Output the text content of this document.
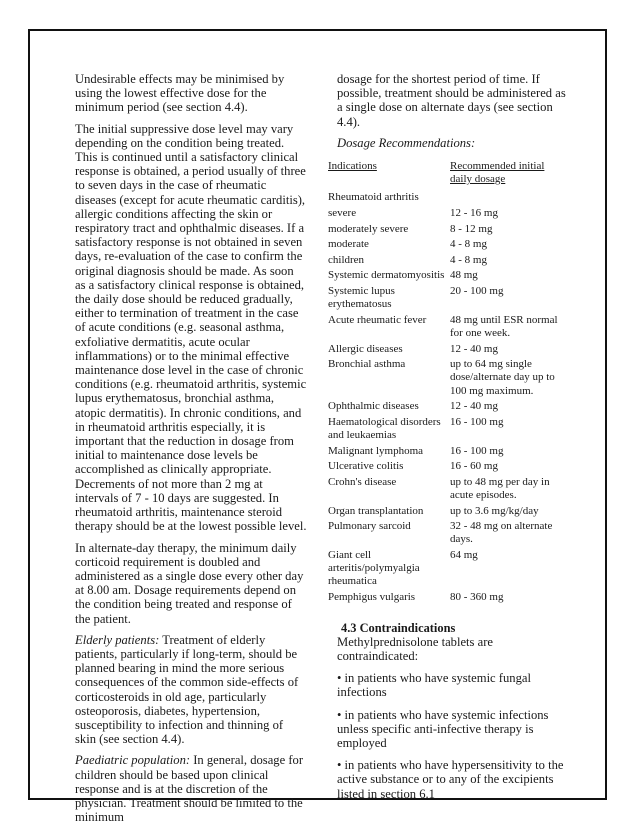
Undesirable effects may be minimised by using the lowest effective dose for the minimum period (see section 4.4).

The initial suppressive dose level may vary depending on the condition being treated. This is continued until a satisfactory clinical response is obtained, a period usually of three to seven days in the case of rheumatic diseases (except for acute rheumatic carditis), allergic conditions affecting the skin or respiratory tract and ophthalmic diseases. If a satisfactory response is not obtained in seven days, re-evaluation of the case to confirm the original diagnosis should be made. As soon as a satisfactory clinical response is obtained, the daily dose should be reduced gradually, either to termination of treatment in the case of acute conditions (e.g. seasonal asthma, exfoliative dermatitis, acute ocular inflammations) or to the minimal effective maintenance dose level in the case of chronic conditions (e.g. rheumatoid arthritis, systemic lupus erythematosus, bronchial asthma, atopic dermatitis). In chronic conditions, and in rheumatoid arthritis especially, it is important that the reduction in dosage from initial to maintenance dose levels be accomplished as clinically appropriate. Decrements of not more than 2 mg at intervals of 7 - 10 days are suggested. In rheumatoid arthritis, maintenance steroid therapy should be at the lowest possible level.

In alternate-day therapy, the minimum daily corticoid requirement is doubled and administered as a single dose every other day at 8.00 am. Dosage requirements depend on the condition being treated and response of the patient.

Elderly patients: Treatment of elderly patients, particularly if long-term, should be planned bearing in mind the more serious consequences of the common side-effects of corticosteroids in old age, particularly osteoporosis, diabetes, hypertension, susceptibility to infection and thinning of skin (see section 4.4).

Paediatric population: In general, dosage for children should be based upon clinical response and is at the discretion of the physician. Treatment should be limited to the minimum

dosage for the shortest period of time. If possible, treatment should be administered as a single dose on alternate days (see section 4.4).

Dosage Recommendations:

Indications	Recommended initial daily dosage
Rheumatoid arthritis	
severe	12 - 16 mg
moderately severe	8 - 12 mg
moderate	4 - 8 mg
children	4 - 8 mg
Systemic dermatomyositis	48 mg
Systemic lupus erythematosus	20 - 100 mg
Acute rheumatic fever	48 mg until ESR normal for one week.
Allergic diseases	12 - 40 mg
Bronchial asthma	up to 64 mg single dose/alternate day up to 100 mg maximum.
Ophthalmic diseases	12 - 40 mg
Haematological disorders and leukaemias	16 - 100 mg
Malignant lymphoma	16 - 100 mg
Ulcerative colitis	16 - 60 mg
Crohn's disease	up to 48 mg per day in acute episodes.
Organ transplantation	up to 3.6 mg/kg/day
Pulmonary sarcoid	32 - 48 mg on alternate days.
Giant cell arteritis/polymyalgia rheumatica	64 mg
Pemphigus vulgaris	80 - 360 mg
4.3 Contraindications

Methylprednisolone tablets are contraindicated:

• in patients who have systemic fungal infections

• in patients who have systemic infections unless specific anti-infective therapy is employed

• in patients who have hypersensitivity to the active substance or to any of the excipients listed in section 6.1
